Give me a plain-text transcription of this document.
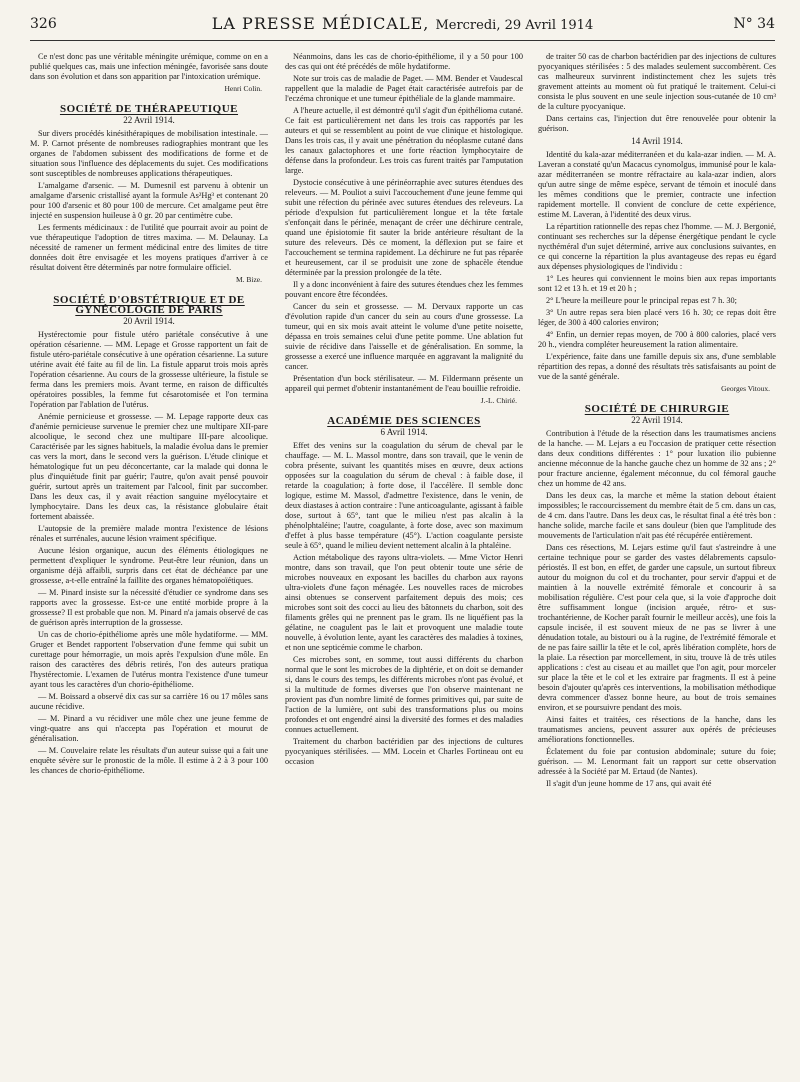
326	LA PRESSE MÉDICALE, Mercredi, 29 Avril 1914	N° 34

Ce n'est donc pas une véritable méningite urémique, comme on en a publié quelques cas, mais une infection méningée, favorisée sans doute dans son évolution et dans son apparition par l'intoxication urémique.

Henri Colin.
SOCIÉTÉ DE THÉRAPEUTIQUE
22 Avril 1914.

Sur divers procédés kinésithérapiques de mobilisation intestinale. — M. P. Carnot présente de nombreuses radiographies montrant que les organes de l'abdomen subissent des modifications de forme et de situation sous l'influence des déplacements du sujet. Ces modifications sont susceptibles de nombreuses applications thérapeutiques.

L'amalgame d'arsenic. — M. Dumesnil est parvenu à obtenir un amalgame d'arsenic cristallisé ayant la formule As²Hg³ et contenant 20 pour 100 d'arsenic et 80 pour 100 de mercure. Cet amalgame peut être injecté en suspension huileuse à 0 gr. 20 par centimètre cube.

Les ferments médicinaux : de l'utilité que pourrait avoir au point de vue thérapeutique l'adoption de titres maxima. — M. Delaunay. La nécessité de ramener un ferment médicinal entre des limites de titre données doit être envisagée et les moyens pratiques d'arriver à ce résultat doivent être déterminés par notre formulaire officiel.

M. Bize.
SOCIÉTÉ D'OBSTÉTRIQUE ET DE GYNÉCOLOGIE DE PARIS
20 Avril 1914.

Hystérectomie pour fistule utéro pariétale consécutive à une opération césarienne. — MM. Lepage et Grosse rapportent un fait de fistule utéro-pariétale consécutive à une opération césarienne. La suture utérine avait été faite au fil de lin. La fistule apparut trois mois après l'opération césarienne. Au cours de la grossesse ultérieure, la fistule se ferma dans les premiers mois. Avant terme, en raison de difficultés opératoires possibles, la femme fut césarotomisée et l'on termina l'opération par l'ablation de l'utérus.

Anémie pernicieuse et grossesse. — M. Lepage rapporte deux cas d'anémie pernicieuse survenue le premier chez une multipare XII-pare alcoolique, le second chez une multipare III-pare alcoolique. Caractérisée par les signes habituels, la maladie évolua dans le premier cas vers la mort, dans le second vers la guérison. L'étude clinique et hématologique fut un peu déconcertante, car la malade qui donna le plus d'inquiétude finit par guérir; l'autre, qu'on avait pensé pouvoir guérir, surtout après un traitement par l'alcool, finit par succomber. Dans les deux cas, il y avait réaction sanguine myélocytaire et lymphocytaire. Dans les deux cas, la résistance globulaire était fortement abaissée.

L'autopsie de la première malade montra l'existence de lésions rénales et surrénales, aucune lésion vraiment spécifique.

Aucune lésion organique, aucun des éléments étiologiques ne permettent d'expliquer le syndrome. Peut-être leur réunion, dans un organisme déjà affaibli, surpris dans cet état de déchéance par une grossesse, a-t-elle entraîné la faillite des organes hématopoïétiques.

— M. Pinard insiste sur la nécessité d'étudier ce syndrome dans ses rapports avec la grossesse. Est-ce une entité morbide propre à la grossesse? Il est probable que non. M. Pinard n'a jamais observé de cas de guérison après interruption de la grossesse.

Un cas de chorio-épithéliome après une môle hydatiforme. — MM. Gruger et Bendet rapportent l'observation d'une femme qui subit un curettage pour hémorragie, un mois après l'expulsion d'une môle. En raison des caractères des débris retirés, l'on des auteurs pratiqua l'hystérectomie. L'examen de l'utérus montra l'existence d'une tumeur ayant tous les caractères d'un chorio-épithéliome.

— M. Boissard a observé dix cas sur sa carrière 16 ou 17 môles sans aucune récidive.

— M. Pinard a vu récidiver une môle chez une jeune femme de vingt-quatre ans qui n'accepta pas l'opération et mourut de généralisation.

— M. Couvelaire relate les résultats d'un auteur suisse qui a fait une enquête sévère sur le pronostic de la môle. Il estime à 2 à 3 pour 100 les chances de chorio-épithéliome.

Néanmoins, dans les cas de chorio-épithéliome, il y a 50 pour 100 des cas qui ont été précédés de môle hydatiforme.

Note sur trois cas de maladie de Paget. — MM. Bender et Vaudescal rappellent que la maladie de Paget était caractérisée autrefois par de l'eczéma chronique et une tumeur épithéliale de la glande mammaire.

A l'heure actuelle, il est démontré qu'il s'agit d'un épithélioma cutané. Ce fait est particulièrement net dans les trois cas rapportés par les auteurs et qui se ressemblent au point de vue clinique et histologique. Dans les trois cas, il y avait une pénétration du néoplasme cutané dans les canaux galactophores et une forte réaction lymphocytaire de défense dans la profondeur. Les trois cas furent traités par l'amputation large.

Dystocie consécutive à une périnéorraphie avec sutures étendues des releveurs. — M. Pouliot a suivi l'accouchement d'une jeune femme qui subit une réfection du périnée avec sutures étendues des releveurs. La période d'expulsion fut particulièrement longue et la tête fœtale s'enfonçait dans le périnée, menaçant de créer une déchirure centrale, quand une épisiotomie fit sauter la bride antérieure résultant de la suture des releveurs. Dès ce moment, la déflexion put se faire et l'accouchement se termina rapidement. La déchirure ne fut pas réparée et heureusement, car il se produisit une zone de sphacèle étendue déterminée par la pression prolongée de la tête.

Il y a donc inconvénient à faire des sutures étendues chez les femmes pouvant encore être fécondées.

Cancer du sein et grossesse. — M. Dervaux rapporte un cas d'évolution rapide d'un cancer du sein au cours d'une grossesse. La tumeur, qui en six mois avait atteint le volume d'une petite noisette, dépassa en trois semaines celui d'une petite pomme. Une ablation fut suivie de récidive dans l'aisselle et de généralisation. En somme, la grossesse a exercé une influence marquée en aggravant la malignité du cancer.

Présentation d'un bock stérilisateur. — M. Fildermann présente un appareil qui permet d'obtenir instantanément de l'eau bouillie refroidie.

J.-L. Chirié.
ACADÉMIE DES SCIENCES
6 Avril 1914.

Effet des venins sur la coagulation du sérum de cheval par le chauffage. — M. L. Massol montre, dans son travail, que le venin de cobra présente, suivant les quantités mises en œuvre, deux actions opposées sur la coagulation du sérum de cheval : à faible dose, il retarde la coagulation; à forte dose, il l'accélère. Il semble donc logique, estime M. Massol, d'admettre l'existence, dans le venin, de deux diastases à action contraire : l'une anticoagulante, agissant à faible dose, surtout à 65°, tant que le milieu n'est pas alcalin à la phénolphtaléine; l'autre, coagulante, à forte dose, avec son maximum d'effet à plus basse température (45°). L'action coagulante persiste seule à 65°, quand le milieu devient nettement alcalin à la phtaléine.

Action métabolique des rayons ultra-violets. — Mme Victor Henri montre, dans son travail, que l'on peut obtenir toute une série de microbes nouveaux en exposant les bacilles du charbon aux rayons ultra-violets d'une façon ménagée. Les nouvelles races de microbes ainsi obtenues se conservent parfaitement depuis des mois; ces microbes sont soit des cocci au lieu des bâtonnets du charbon, soit des filaments grêles qui ne prennent pas le gram. Ils ne liquéfient pas la gélatine, ne coagulent pas le lait et provoquent une maladie toute nouvelle, à évolution lente, ayant les caractères des maladies à toxines, et non une septicémie comme le charbon.

Ces microbes sont, en somme, tout aussi différents du charbon normal que le sont les microbes de la diphtérie, et on doit se demander si, dans le cours des temps, les différents microbes n'ont pas évolué, et si la multitude de formes diverses que l'on observe maintenant ne provient pas d'un nombre limité de formes primitives qui, par suite de l'action de la lumière, ont subi des transformations plus ou moins profondes et ont engendré ainsi la diversité des formes et des maladies connues actuellement.

Traitement du charbon bactéridien par des injections de cultures pyocyaniques stérilisées. — MM. Locein et Charles Fortineau ont eu occasion

de traiter 50 cas de charbon bactéridien par des injections de cultures pyocyaniques stérilisées : 5 des malades seulement succombèrent. Ces cas malheureux survinrent indistinctement chez les sujets très gravement atteints au moment où fut pratiqué le traitement. Celui-ci consista le plus souvent en une seule injection sous-cutanée de 10 cm³ de la culture pyocyanique.

Dans certains cas, l'injection dut être renouvelée pour obtenir la guérison.

14 Avril 1914.

Identité du kala-azar méditerranéen et du kala-azar indien. — M. A. Laveran a constaté qu'un Macacus cynomolgus, immunisé pour le kala-azar méditerranéen se montre réfractaire au kala-azar indien, alors qu'un autre singe de même espèce, servant de témoin et inoculé dans les mêmes conditions que le premier, contracte une infection rapidement mortelle. Il convient de conclure de cette expérience, estime M. Laveran, à l'identité des deux virus.

La répartition rationnelle des repas chez l'homme. — M. J. Bergonié, continuant ses recherches sur la dépense énergétique pendant le cycle nycthéméral d'un sujet déterminé, arrive aux conclusions suivantes, en ce qui concerne la répartition la plus avantageuse des repas eu égard aux dépenses physiologiques de l'individu :

1° Les heures qui conviennent le moins bien aux repas importants sont 12 et 13 h. et 19 et 20 h ;

2° L'heure la meilleure pour le principal repas est 7 h. 30;

3° Un autre repas sera bien placé vers 16 h. 30; ce repas doit être léger, de 300 à 400 calories environ;

4° Enfin, un dernier repas moyen, de 700 à 800 calories, placé vers 20 h., viendra compléter heureusement la ration alimentaire.

L'expérience, faite dans une famille depuis six ans, d'une semblable répartition des repas, a donné des résultats très satisfaisants au point de vue de la santé générale.

Georges Vitoux.
SOCIÉTÉ DE CHIRURGIE
22 Avril 1914.

Contribution à l'étude de la résection dans les traumatismes anciens de la hanche. — M. Lejars a eu l'occasion de pratiquer cette résection dans deux conditions différentes : 1° pour luxation ilio pubienne ancienne méconnue de la hanche gauche chez un homme de 32 ans ; 2° pour fracture ancienne, également méconnue, du col fémoral gauche chez un homme de 42 ans.

Dans les deux cas, la marche et même la station debout étaient impossibles; le raccourcissement du membre était de 5 cm. dans un cas, de 4 cm. dans l'autre. Dans les deux cas, le résultat final a été très bon : hanche solide, marche facile et sans douleur (bien que l'amplitude des mouvements de l'articulation n'ait pas été récupérée entièrement.

Dans ces résections, M. Lejars estime qu'il faut s'astreindre à une certaine technique pour se garder des vastes délabrements capsulo-périostés. Il est bon, en effet, de garder une capsule, un surtout fibreux autour du moignon du col et du trochanter, pour servir d'appui et de maintien à la nouvelle extrémité fémorale et concourir à sa mobilisation régulière. C'est pour cela que, si la voie d'approche doit être suffisamment longue (incision arquée, rétro- et sus-trochantérienne, de Kocher paraît fournir le meilleur accès), une fois la capsule incisée, il est souvent mieux de ne pas se livrer à une dénudation totale, au bistouri ou à la rugine, de l'extrémité fémorale et de ne pas faire saillir la tête et le col, après libération complète, hors de la plaie. La résection par morcellement, in situ, trouve là de très utiles applications : c'est au ciseau et au maillet que l'on agit, pour morceler sur place la tête et le col et les extraire par fragments. Il est à peine besoin d'ajouter qu'après ces interventions, la mobilisation méthodique devra commencer d'assez bonne heure, au bout de trois semaines environ, et se poursuivre pendant des mois.

Ainsi faites et traitées, ces résections de la hanche, dans les traumatismes anciens, peuvent assurer aux opérés de précieuses améliorations fonctionnelles.

Éclatement du foie par contusion abdominale; suture du foie; guérison. — M. Lenormant fait un rapport sur cette observation adressée à la Société par M. Ertaud (de Nantes).

Il s'agit d'un jeune homme de 17 ans, qui avait été
